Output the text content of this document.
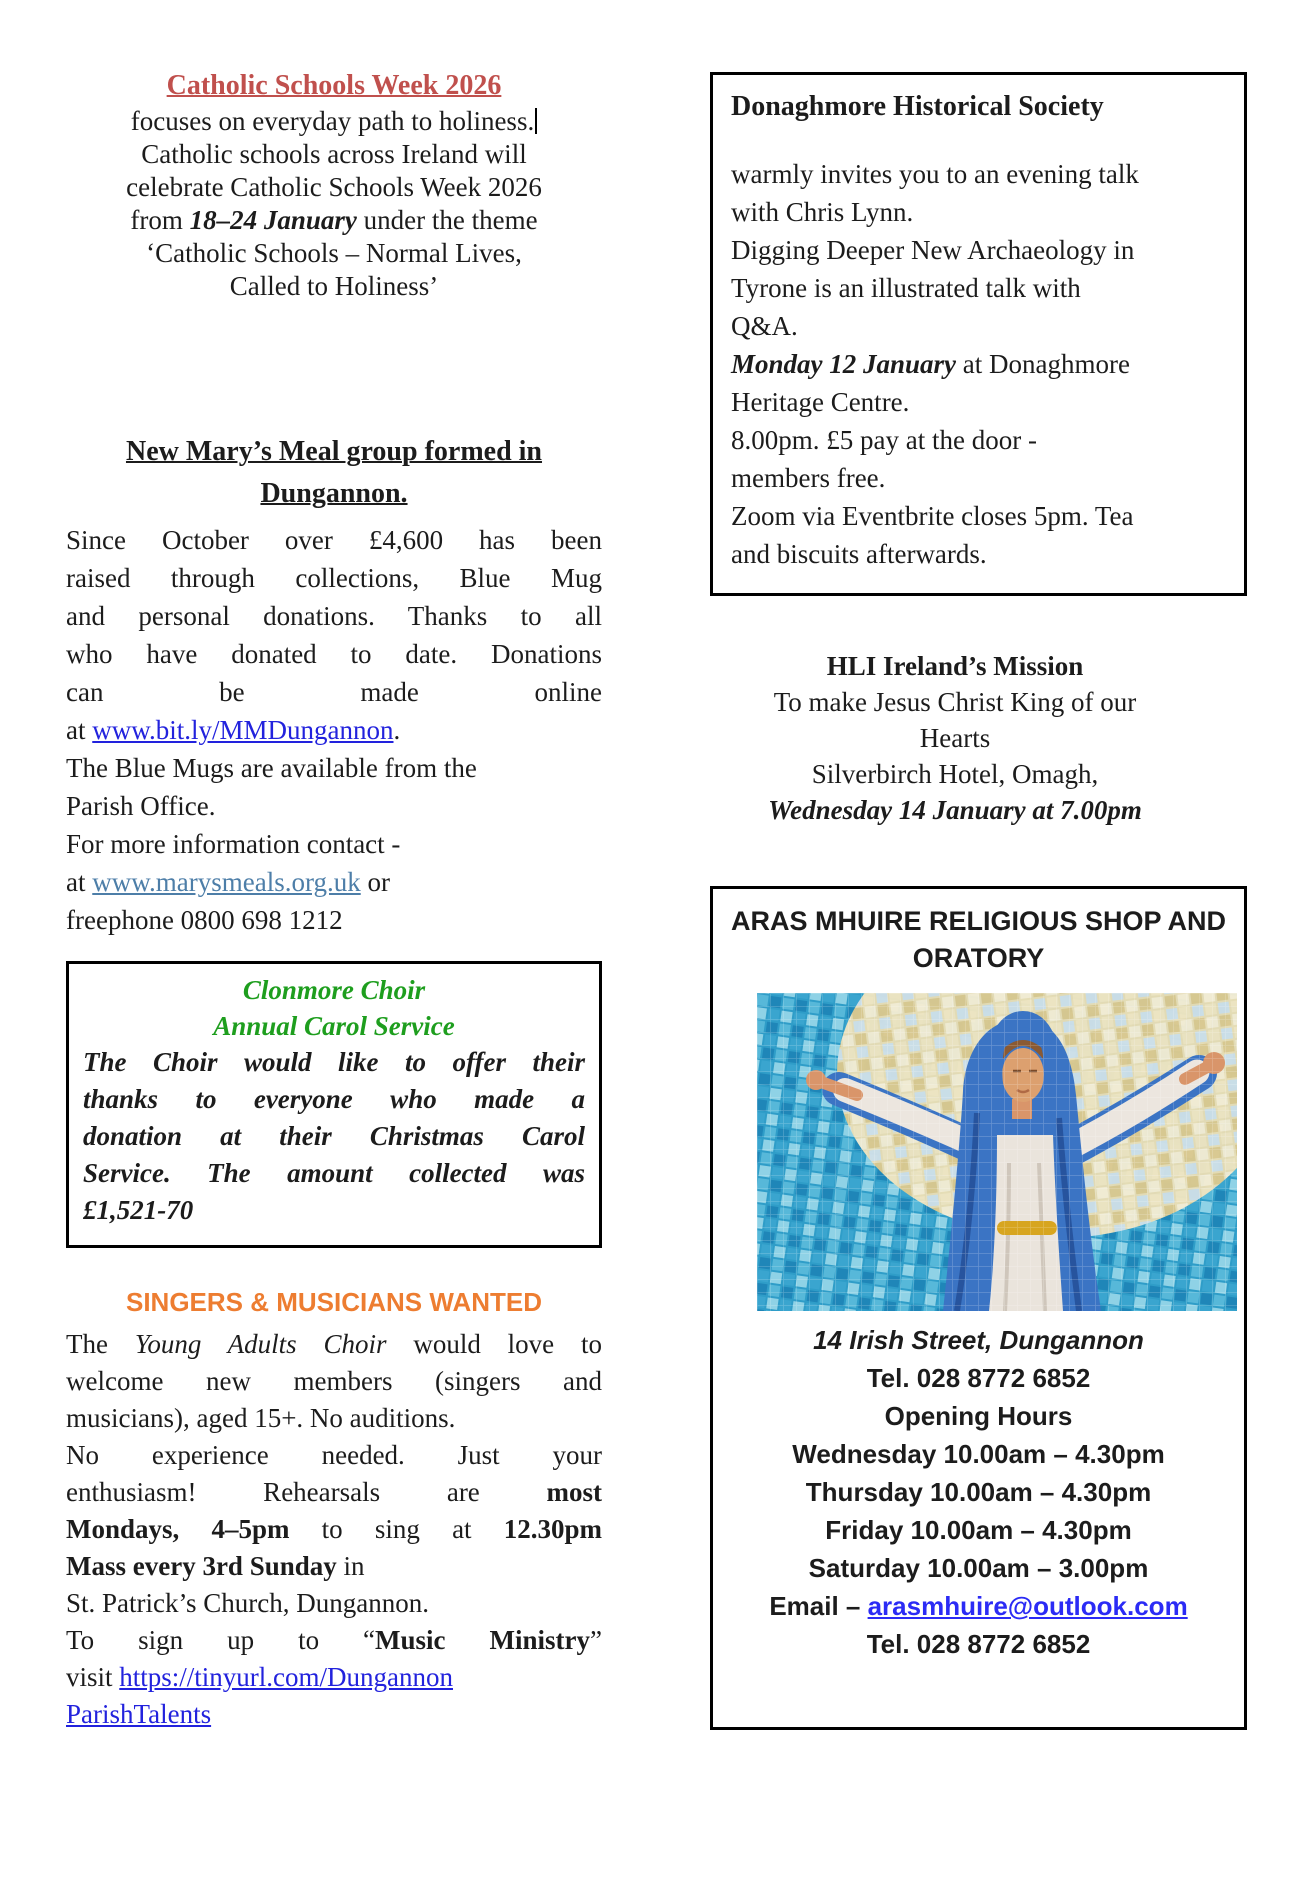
Catholic Schools Week 2026
focuses on everyday path to holiness.
Catholic schools across Ireland will
celebrate Catholic Schools Week 2026
from 18–24 January under the theme
‘Catholic Schools – Normal Lives,
Called to Holiness’
New Mary’s Meal group formed in
Dungannon.
Since October over £4,600 has been
raised through collections, Blue Mug
and personal donations. Thanks to all
who have donated to date. Donations
can be made online
at www.bit.ly/MMDungannon.
The Blue Mugs are available from the
Parish Office.
For more information contact -
at www.marysmeals.org.uk or
freephone 0800 698 1212
Clonmore Choir
Annual Carol Service
The Choir would like to offer their
thanks to everyone who made a
donation at their Christmas Carol
Service. The amount collected was
£1,521-70
SINGERS & MUSICIANS WANTED
The Young Adults Choir would love to
welcome new members (singers and
musicians), aged 15+. No auditions.
No experience needed. Just your
enthusiasm! Rehearsals are most
Mondays, 4–5pm to sing at 12.30pm
Mass every 3rd Sunday in
St. Patrick’s Church, Dungannon.
To sign up to “Music Ministry”
visit https://tinyurl.com/Dungannon
ParishTalents
Donaghmore Historical Society
warmly invites you to an evening talk
with Chris Lynn.
Digging Deeper New Archaeology in
Tyrone is an illustrated talk with
Q&A.
Monday 12 January at Donaghmore
Heritage Centre.
8.00pm. £5 pay at the door -
members free.
Zoom via Eventbrite closes 5pm. Tea
and biscuits afterwards.
HLI Ireland’s Mission
To make Jesus Christ King of our
Hearts
Silverbirch Hotel, Omagh,
Wednesday 14 January at 7.00pm
ARAS MHUIRE RELIGIOUS SHOP AND
ORATORY
14 Irish Street, Dungannon
Tel. 028 8772 6852
Opening Hours
Wednesday 10.00am – 4.30pm
Thursday 10.00am – 4.30pm
Friday 10.00am – 4.30pm
Saturday 10.00am – 3.00pm
Email – arasmhuire@outlook.com
Tel. 028 8772 6852
